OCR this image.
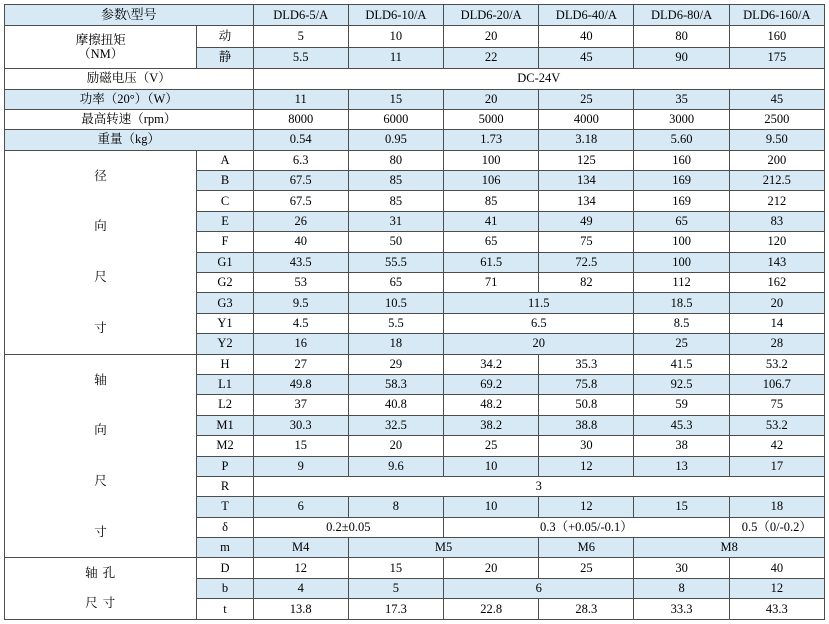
参数\型号		DLD6-5/A	DLD6-10/A	DLD6-20/A	DLD6-40/A	DLD6-80/A	DLD6-160/A

摩擦扭矩
（NM）	动	5	10	20	40	80	160
	静	5.5	11	22	45	90	175
励磁电压（V）		DC-24V					
功率（20°）（W）		11	15	20	25	35	45
最高转速（rpm）		8000	6000	5000	4000	3000	2500
重量（kg）		0.54	0.95	1.73	3.18	5.60	9.50

径
向
尺
寸	A	6.3	80	100	125	160	200
	B	67.5	85	106	134	169	212.5
	C	67.5	85	85	134	169	212
	E	26	31	41	49	65	83
	F	40	50	65	75	100	120
	G1	43.5	55.5	61.5	72.5	100	143
	G2	53	65	71	82	112	162
	G3	9.5	10.5	11.5		18.5	20
	Y1	4.5	5.5	6.5		8.5	14
	Y2	16	18	20		25	28

轴
向
尺
寸	H	27	29	34.2	35.3	41.5	53.2
	L1	49.8	58.3	69.2	75.8	92.5	106.7
	L2	37	40.8	48.2	50.8	59	75
	M1	30.3	32.5	38.2	38.8	45.3	53.2
	M2	15	20	25	30	38	42
	P	9	9.6	10	12	13	17
	R	3					
	T	6	8	10	12	15	18
	δ	0.2±0.05		0.3（+0.05/-0.1）			0.5（0/-0.2）
	m	M4	M5		M6	M8	

轴 孔
尺 寸	D	12	15	20	25	30	40
	b	4	5	6		8	12
	t	13.8	17.3	22.8	28.3	33.3	43.3
